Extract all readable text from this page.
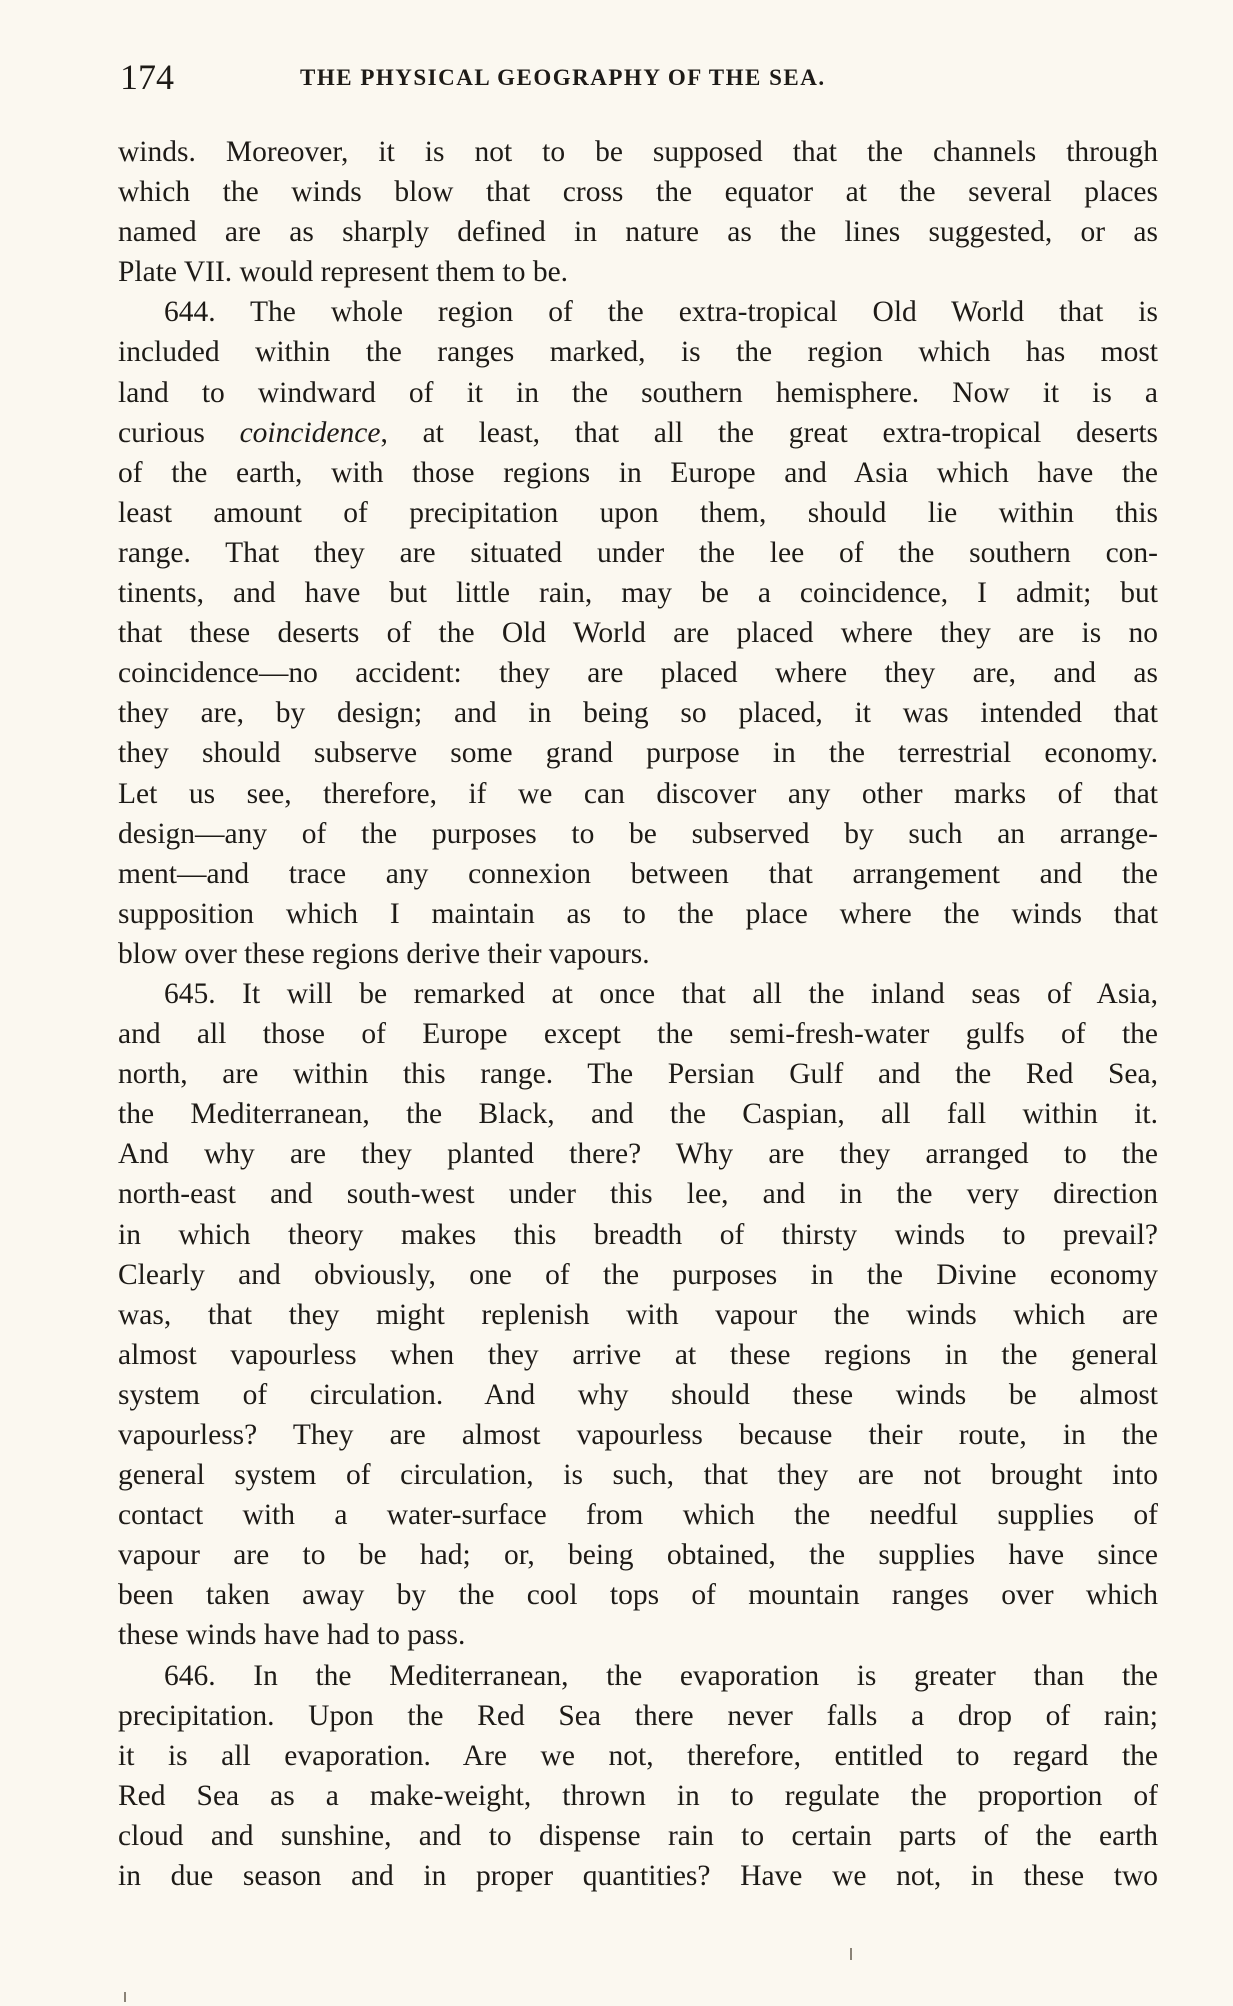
174	THE PHYSICAL GEOGRAPHY OF THE SEA.
winds. Moreover, it is not to be supposed that the channels through
which the winds blow that cross the equator at the several places
named are as sharply defined in nature as the lines suggested, or as
Plate VII. would represent them to be.
644. The whole region of the extra-tropical Old World that is
included within the ranges marked, is the region which has most
land to windward of it in the southern hemisphere. Now it is a
curious coincidence, at least, that all the great extra-tropical deserts
of the earth, with those regions in Europe and Asia which have the
least amount of precipitation upon them, should lie within this
range. That they are situated under the lee of the southern con-
tinents, and have but little rain, may be a coincidence, I admit; but
that these deserts of the Old World are placed where they are is no
coincidence—no accident: they are placed where they are, and as
they are, by design; and in being so placed, it was intended that
they should subserve some grand purpose in the terrestrial economy.
Let us see, therefore, if we can discover any other marks of that
design—any of the purposes to be subserved by such an arrange-
ment—and trace any connexion between that arrangement and the
supposition which I maintain as to the place where the winds that
blow over these regions derive their vapours.
645. It will be remarked at once that all the inland seas of Asia,
and all those of Europe except the semi-fresh-water gulfs of the
north, are within this range. The Persian Gulf and the Red Sea,
the Mediterranean, the Black, and the Caspian, all fall within it.
And why are they planted there? Why are they arranged to the
north-east and south-west under this lee, and in the very direction
in which theory makes this breadth of thirsty winds to prevail?
Clearly and obviously, one of the purposes in the Divine economy
was, that they might replenish with vapour the winds which are
almost vapourless when they arrive at these regions in the general
system of circulation. And why should these winds be almost
vapourless? They are almost vapourless because their route, in the
general system of circulation, is such, that they are not brought into
contact with a water-surface from which the needful supplies of
vapour are to be had; or, being obtained, the supplies have since
been taken away by the cool tops of mountain ranges over which
these winds have had to pass.
646. In the Mediterranean, the evaporation is greater than the
precipitation. Upon the Red Sea there never falls a drop of rain;
it is all evaporation. Are we not, therefore, entitled to regard the
Red Sea as a make-weight, thrown in to regulate the proportion of
cloud and sunshine, and to dispense rain to certain parts of the earth
in due season and in proper quantities? Have we not, in these two
